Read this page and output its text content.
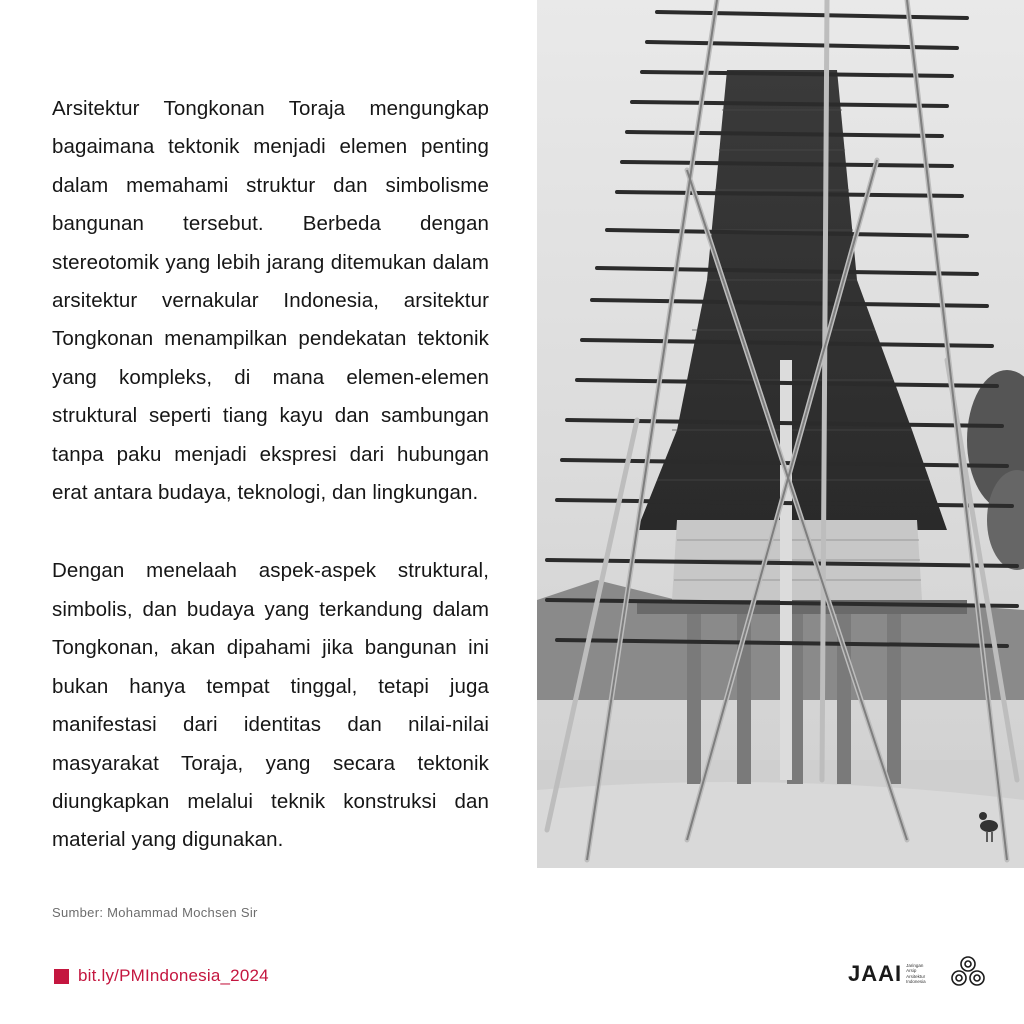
Arsitektur Tongkonan Toraja mengungkap bagaimana tektonik menjadi elemen penting dalam memahami struktur dan simbolisme bangunan tersebut. Berbeda dengan stereotomik yang lebih jarang ditemukan dalam arsitektur vernakular Indonesia, arsitektur Tongkonan menampilkan pendekatan tektonik yang kompleks, di mana elemen-elemen struktural seperti tiang kayu dan sambungan tanpa paku menjadi ekspresi dari hubungan erat antara budaya, teknologi, dan lingkungan.

Dengan menelaah aspek-aspek struktural, simbolis, dan budaya yang terkandung dalam Tongkonan, akan dipahami jika bangunan ini bukan hanya tempat tinggal, tetapi juga manifestasi dari identitas dan nilai-nilai masyarakat Toraja, yang secara tektonik diungkapkan melalui teknik konstruksi dan material yang digunakan.

Sumber: Mohammad Mochsen Sir
bit.ly/PMIndonesia_2024	JAAI Jaringan
Arsip
Arsitektur
Indonesia
